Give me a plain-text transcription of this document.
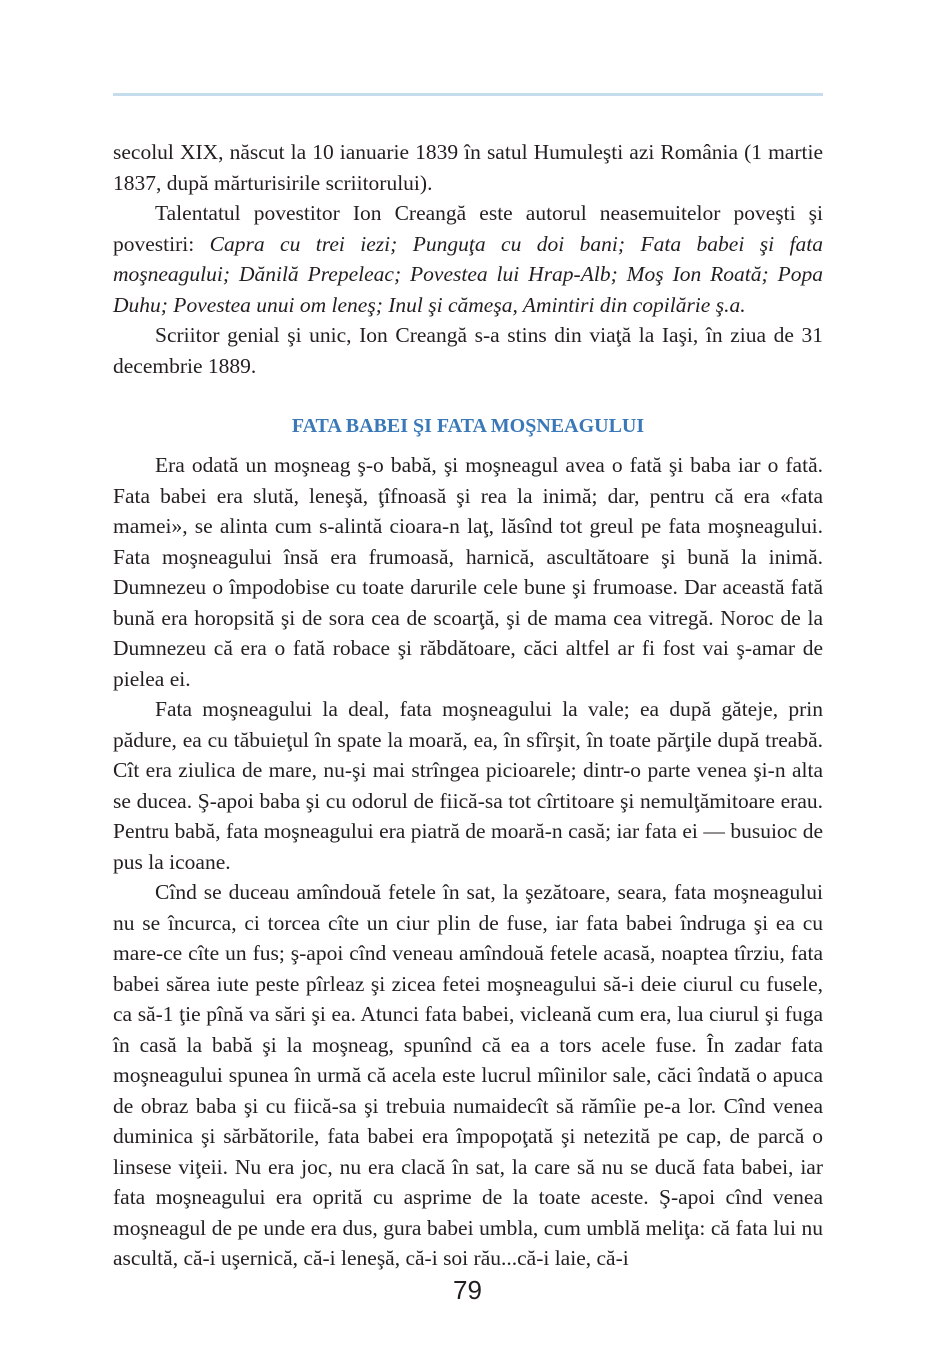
secolul XIX, născut la 10 ianuarie 1839 în satul Humuleşti azi România (1 martie 1837, după mărturisirile scriitorului).

Talentatul povestitor Ion Creangă este autorul neasemuitelor poveşti şi povestiri: Capra cu trei iezi; Punguţa cu doi bani; Fata babei şi fata moşneagului; Dănilă Prepeleac; Povestea lui Hrap-Alb; Moş Ion Roată; Popa Duhu; Povestea unui om leneş; Inul şi cămeşa, Amintiri din copilărie ş.a.

Scriitor genial şi unic, Ion Creangă s-a stins din viaţă la Iaşi, în ziua de 31 decembrie 1889.

FATA BABEI ŞI FATA MOŞNEAGULUI

Era odată un moşneag ş-o babă, şi moşneagul avea o fată şi baba iar o fată. Fata babei era slută, leneşă, ţîfnoasă şi rea la inimă; dar, pentru că era «fata mamei», se alinta cum s-alintă cioara-n laţ, lăsînd tot greul pe fata moşneagului. Fata moşneagului însă era frumoasă, harnică, ascultătoare şi bună la inimă. Dumnezeu o împodobise cu toate darurile cele bune şi frumoase. Dar această fată bună era horopsită şi de sora cea de scoarţă, şi de mama cea vitregă. Noroc de la Dumnezeu că era o fată robace şi răbdătoare, căci altfel ar fi fost vai ş-amar de pielea ei.

Fata moşneagului la deal, fata moşneagului la vale; ea după găteje, prin pădure, ea cu tăbuieţul în spate la moară, ea, în sfîrşit, în toate părţile după treabă. Cît era ziulica de mare, nu-şi mai strîngea picioarele; dintr-o parte venea şi-n alta se ducea. Ş-apoi baba şi cu odorul de fiică-sa tot cîrtitoare şi nemulţămitoare erau. Pentru babă, fata moşneagului era piatră de moară-n casă; iar fata ei — busuioc de pus la icoane.

Cînd se duceau amîndouă fetele în sat, la şezătoare, seara, fata moşneagului nu se încurca, ci torcea cîte un ciur plin de fuse, iar fata babei îndruga şi ea cu mare-ce cîte un fus; ş-apoi cînd veneau amîndouă fetele acasă, noaptea tîrziu, fata babei sărea iute peste pîrleaz şi zicea fetei moşneagului să-i deie ciurul cu fusele, ca să-1 ţie pînă va sări şi ea. Atunci fata babei, vicleană cum era, lua ciurul şi fuga în casă la babă şi la moşneag, spunînd că ea a tors acele fuse. În zadar fata moşneagului spunea în urmă că acela este lucrul mîinilor sale, căci îndată o apuca de obraz baba şi cu fiică-sa şi trebuia numaidecît să rămîie pe-a lor. Cînd venea duminica şi sărbătorile, fata babei era împopoţată şi netezită pe cap, de parcă o linsese viţeii. Nu era joc, nu era clacă în sat, la care să nu se ducă fata babei, iar fata moşneagului era oprită cu asprime de la toate aceste. Ş-apoi cînd venea moşneagul de pe unde era dus, gura babei umbla, cum umblă meliţa: că fata lui nu ascultă, că-i uşernică, că-i leneşă, că-i soi rău...că-i laie, că-i

79
